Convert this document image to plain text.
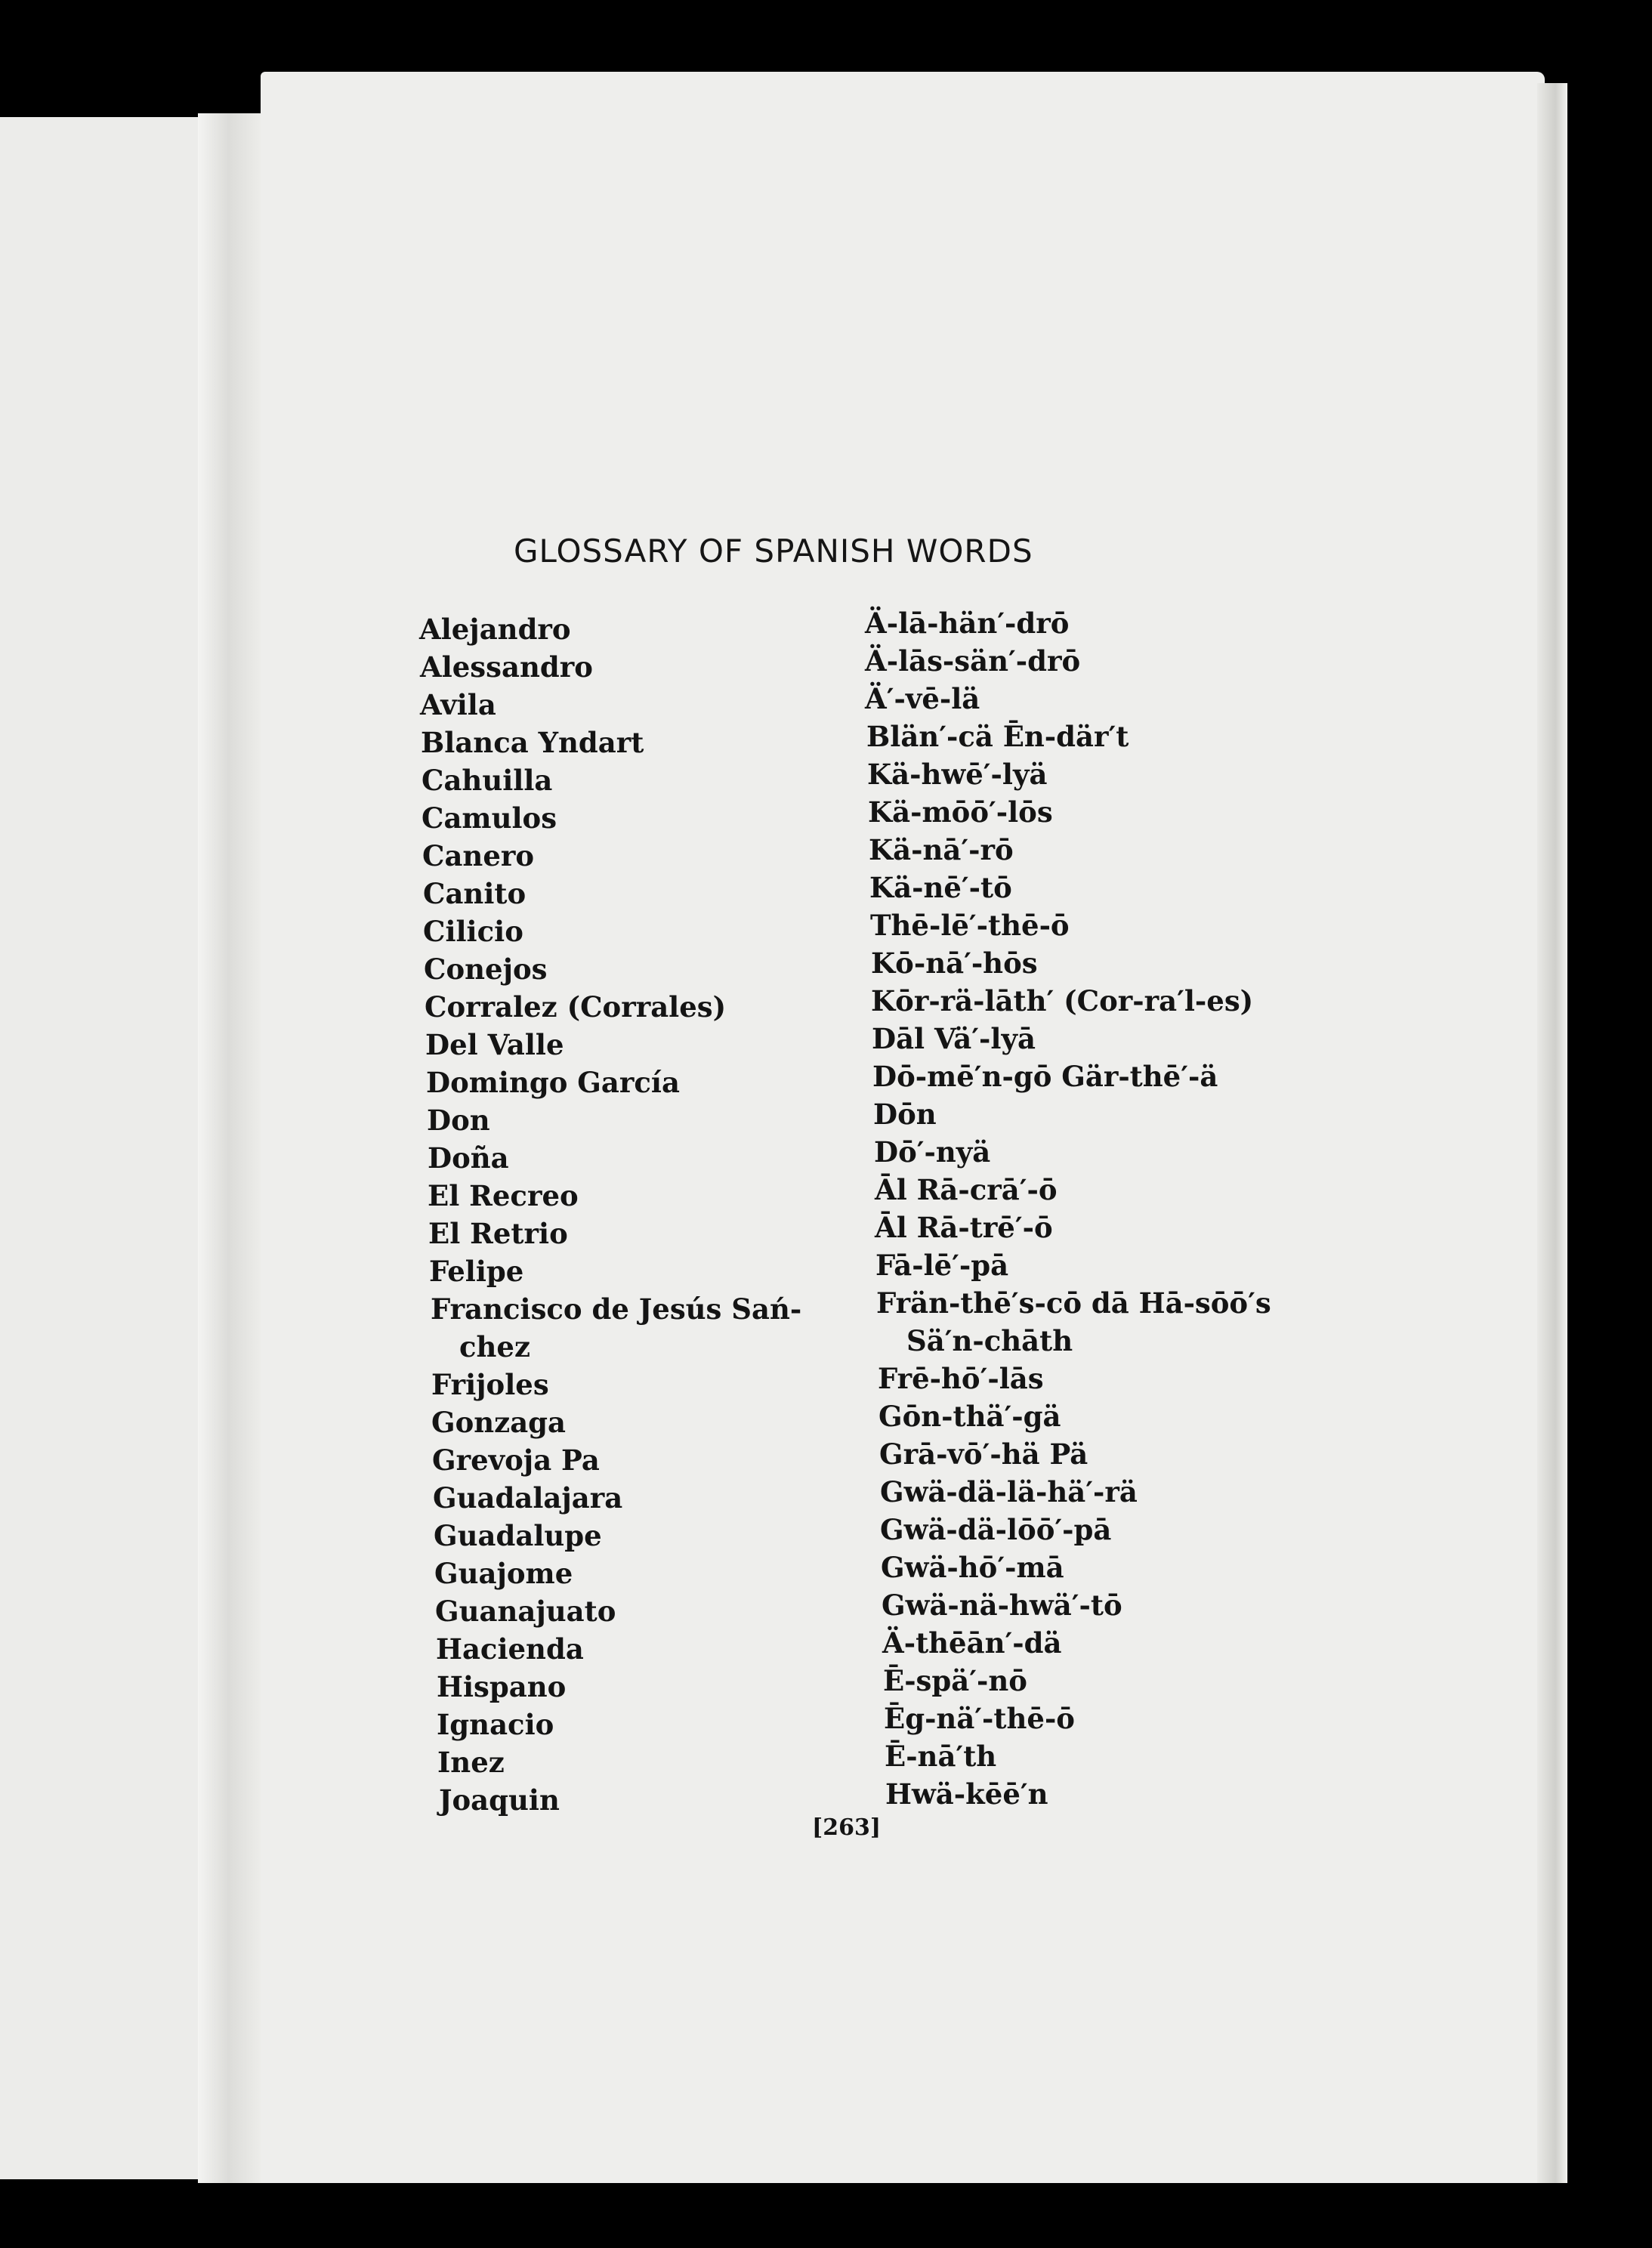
GLOSSARY OF SPANISH WORDS

Alejandro	Ä-lā-hän′-drō

Alessandro	Ä-lās-sän′-drō

Avila	Ä′-vē-lä

Blanca Yndart	Blän′-cä Ēn-där′t

Cahuilla	Kä-hwē′-lyä

Camulos	Kä-mōō′-lōs

Canero	Kä-nā′-rō

Canito	Kä-nē′-tō

Cilicio	Thē-lē′-thē-ō

Conejos	Kō-nā′-hōs

Corralez (Corrales)	Kōr-rä-lāth′ (Cor-ra′l-es)

Del Valle	Dāl Vä′-lyā

Domingo García	Dō-mē′n-gō Gär-thē′-ä

Don	Dōn

Doña	Dō′-nyä

El Recreo	Āl Rā-crā′-ō

El Retrio	Āl Rā-trē′-ō

Felipe	Fā-lē′-pā

Francisco de Jesús Sań-	Frän-thē′s-cō dā Hā-sōō′s

chez	Sä′n-chāth

Frijoles	Frē-hō′-lās

Gonzaga	Gōn-thä′-gä

Grevoja Pa	Grā-vō′-hä Pä

Guadalajara	Gwä-dä-lä-hä′-rä

Guadalupe	Gwä-dä-lōō′-pā

Guajome	Gwä-hō′-mā

Guanajuato	Gwä-nä-hwä′-tō

Hacienda	Ä-thēān′-dä

Hispano	Ē-spä′-nō

Ignacio	Ēg-nä′-thē-ō

Inez	Ē-nā′th

Joaquin	Hwä-kēē′n

[263]
